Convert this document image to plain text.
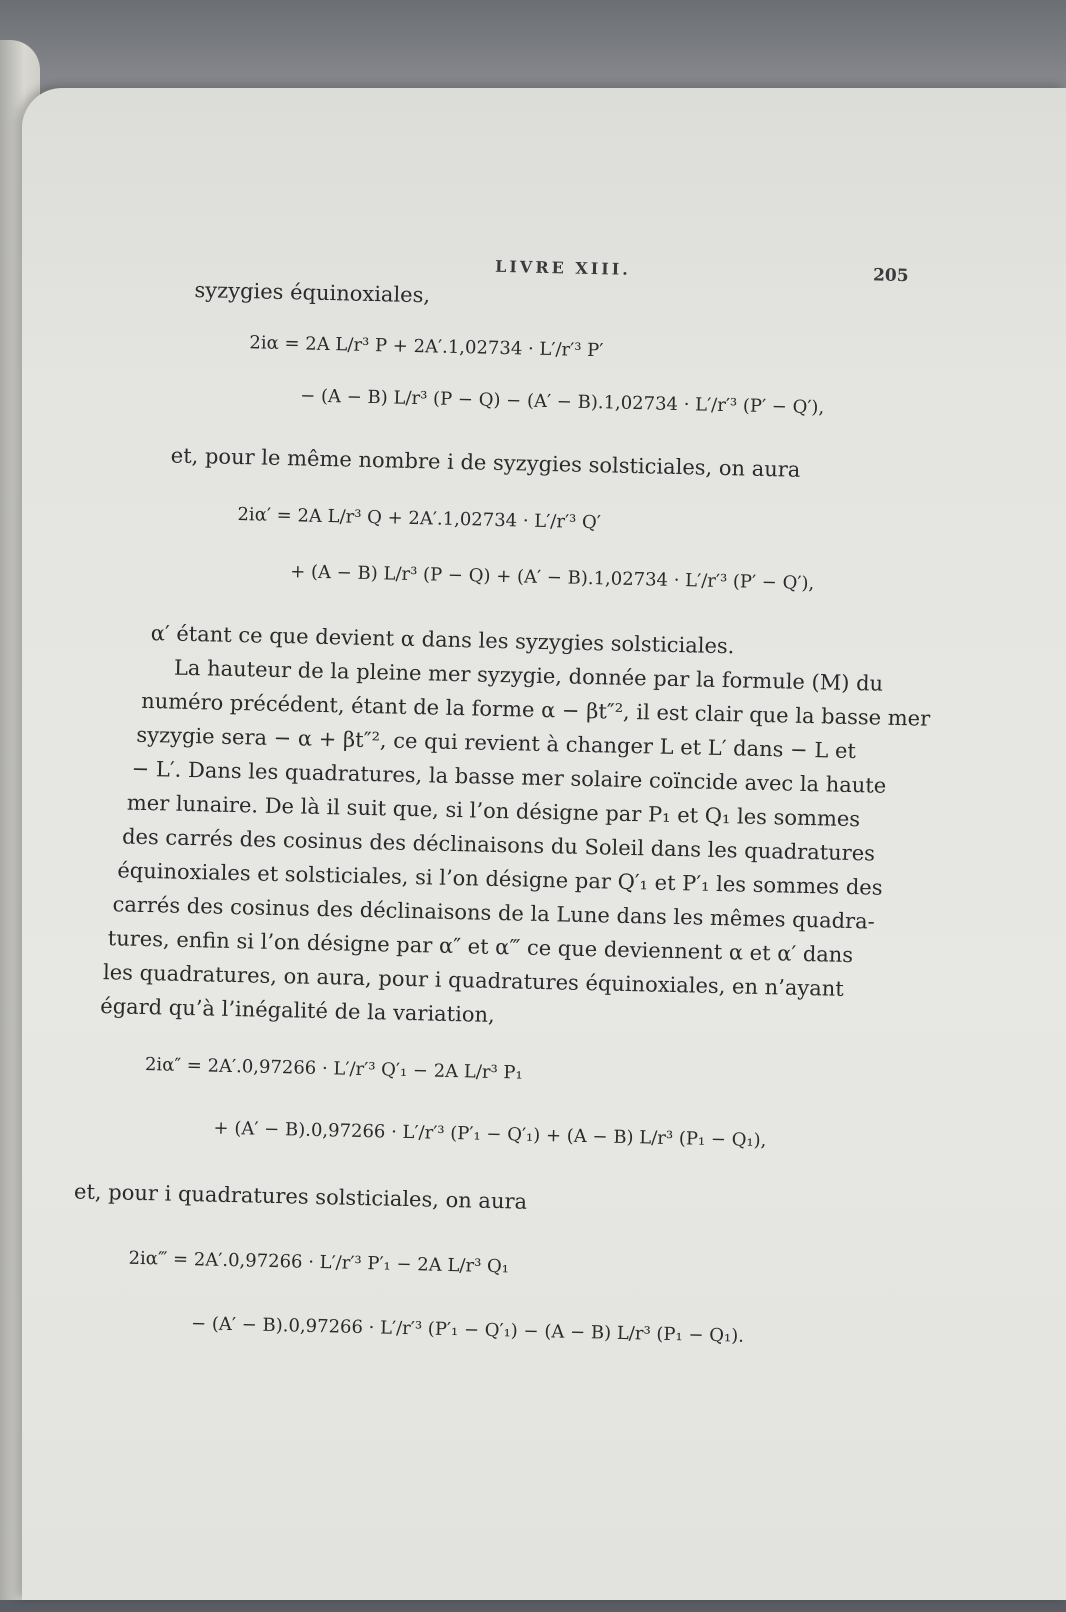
LIVRE XIII.	205
syzygies équinoxiales,
2iα = 2A L/r³ P + 2A′.1,02734 · L′/r′³ P′
− (A − B) L/r³ (P − Q) − (A′ − B).1,02734 · L′/r′³ (P′ − Q′),
et, pour le même nombre i de syzygies solsticiales, on aura
2iα′ = 2A L/r³ Q + 2A′.1,02734 · L′/r′³ Q′
+ (A − B) L/r³ (P − Q) + (A′ − B).1,02734 · L′/r′³ (P′ − Q′),
α′ étant ce que devient α dans les syzygies solsticiales.
La hauteur de la pleine mer syzygie, donnée par la formule (M) du
numéro précédent, étant de la forme α − βt″², il est clair que la basse mer
syzygie sera − α + βt″², ce qui revient à changer L et L′ dans − L et
− L′. Dans les quadratures, la basse mer solaire coïncide avec la haute
mer lunaire. De là il suit que, si l’on désigne par P₁ et Q₁ les sommes
des carrés des cosinus des déclinaisons du Soleil dans les quadratures
équinoxiales et solsticiales, si l’on désigne par Q′₁ et P′₁ les sommes des
carrés des cosinus des déclinaisons de la Lune dans les mêmes quadra-
tures, enfin si l’on désigne par α″ et α‴ ce que deviennent α et α′ dans
les quadratures, on aura, pour i quadratures équinoxiales, en n’ayant
égard qu’à l’inégalité de la variation,
2iα″ = 2A′.0,97266 · L′/r′³ Q′₁ − 2A L/r³ P₁
+ (A′ − B).0,97266 · L′/r′³ (P′₁ − Q′₁) + (A − B) L/r³ (P₁ − Q₁),
et, pour i quadratures solsticiales, on aura
2iα‴ = 2A′.0,97266 · L′/r′³ P′₁ − 2A L/r³ Q₁
− (A′ − B).0,97266 · L′/r′³ (P′₁ − Q′₁) − (A − B) L/r³ (P₁ − Q₁).
